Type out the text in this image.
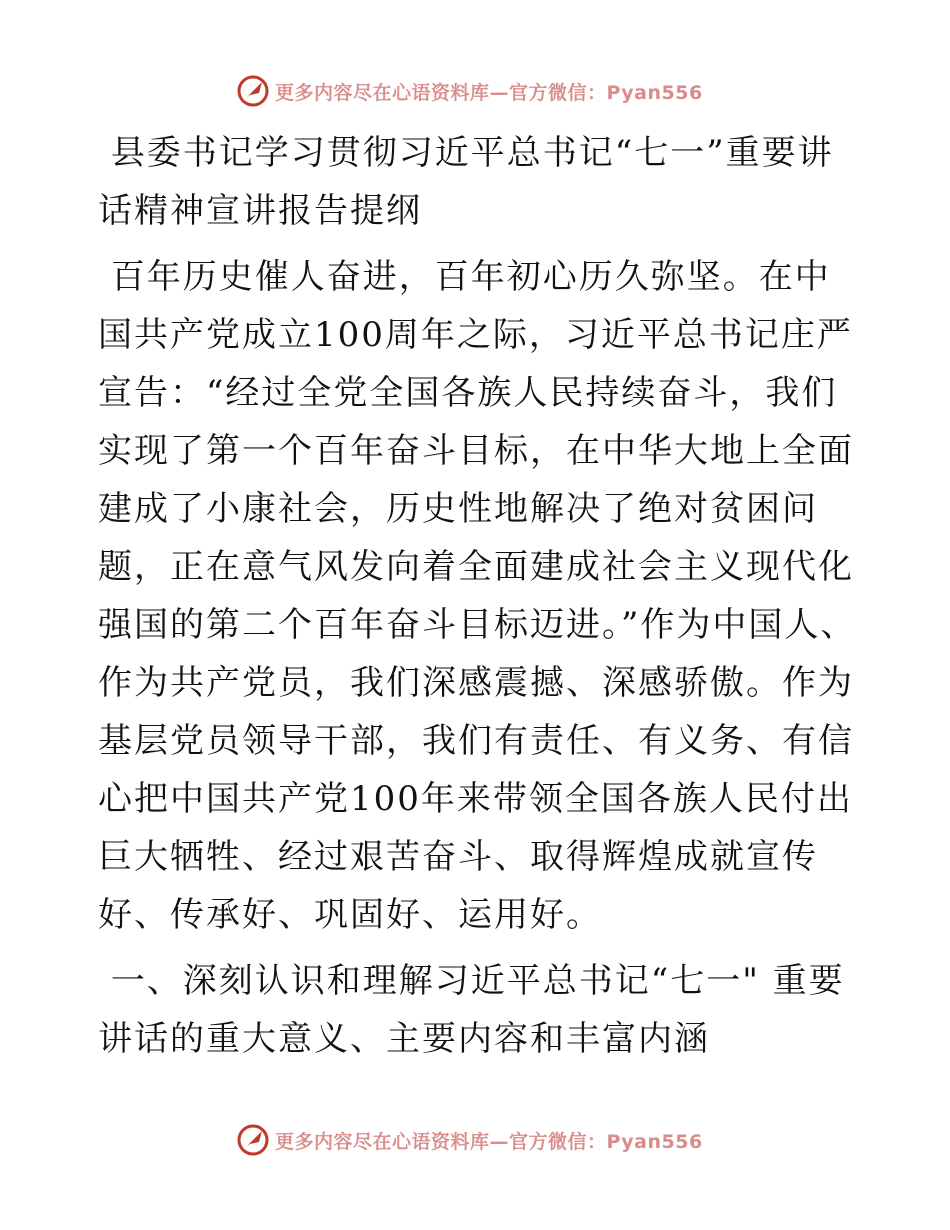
更多内容尽在心语资料库—官方微信：Pyan556

县委书记学习贯彻习近平总书记“七一”重要讲话精神宣讲报告提纲

百年历史催人奋进，百年初心历久弥坚。在中国共产党成立100周年之际，习近平总书记庄严宣告：“经过全党全国各族人民持续奋斗，我们实现了第一个百年奋斗目标，在中华大地上全面建成了小康社会，历史性地解决了绝对贫困问题，正在意气风发向着全面建成社会主义现代化强国的第二个百年奋斗目标迈进。”作为中国人、作为共产党员，我们深感震撼、深感骄傲。作为基层党员领导干部，我们有责任、有义务、有信心把中国共产党100年来带领全国各族人民付出巨大牺牲、经过艰苦奋斗、取得辉煌成就宣传好、传承好、巩固好、运用好。

一、深刻认识和理解习近平总书记“七一" 重要讲话的重大意义、主要内容和丰富内涵

更多内容尽在心语资料库—官方微信：Pyan556
